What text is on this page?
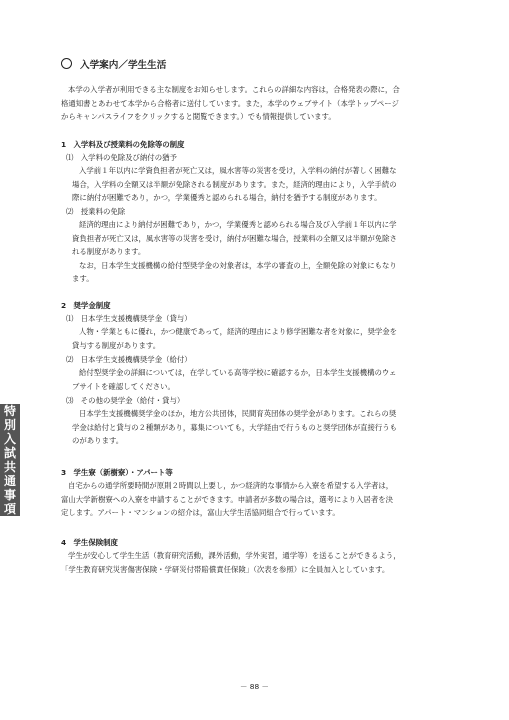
入学案内／学生生活
本学の入学者が利用できる主な制度をお知らせします。これらの詳細な内容は，合格発表の際に，合
格通知書とあわせて本学から合格者に送付しています。また，本学のウェブサイト（本学トップページ
からキャンパスライフをクリックすると閲覧できます。）でも情報提供しています。
1　入学料及び授業料の免除等の制度
⑴　入学料の免除及び納付の猶予
入学前１年以内に学資負担者が死亡又は，風水害等の災害を受け，入学料の納付が著しく困難な
場合，入学料の全額又は半額が免除される制度があります。また，経済的理由により，入学手続の
際に納付が困難であり，かつ，学業優秀と認められる場合，納付を猶予する制度があります。
⑵　授業料の免除
経済的理由により納付が困難であり，かつ，学業優秀と認められる場合及び入学前１年以内に学
資負担者が死亡又は，風水害等の災害を受け，納付が困難な場合，授業料の全額又は半額が免除さ
れる制度があります。
なお，日本学生支援機構の給付型奨学金の対象者は，本学の審査の上，全額免除の対象にもなり
ます。
2　奨学金制度
⑴　日本学生支援機構奨学金（貸与）
人物・学業ともに優れ，かつ健康であって，経済的理由により修学困難な者を対象に，奨学金を
貸与する制度があります。
⑵　日本学生支援機構奨学金（給付）
給付型奨学金の詳細については，在学している高等学校に確認するか，日本学生支援機構のウェ
ブサイトを確認してください。
⑶　その他の奨学金（給付・貸与）
日本学生支援機構奨学金のほか，地方公共団体，民間育英団体の奨学金があります。これらの奨
学金は給付と貸与の２種類があり，募集についても，大学経由で行うものと奨学団体が直接行うも
のがあります。
3　学生寮（新樹寮）・アパート等
自宅からの通学所要時間が原則２時間以上要し，かつ経済的な事情から入寮を希望する入学者は，
富山大学新樹寮への入寮を申請することができます。申請者が多数の場合は，選考により入居者を決
定します。アパート・マンションの紹介は，富山大学生活協同組合で行っています。
4　学生保険制度
学生が安心して学生生活（教育研究活動，課外活動，学外実習，通学等）を送ることができるよう，
「学生教育研究災害傷害保険・学研災付帯賠償責任保険」（次表を参照）に全員加入としています。
特
別
入
試
共
通
事
項
－ 88 －
